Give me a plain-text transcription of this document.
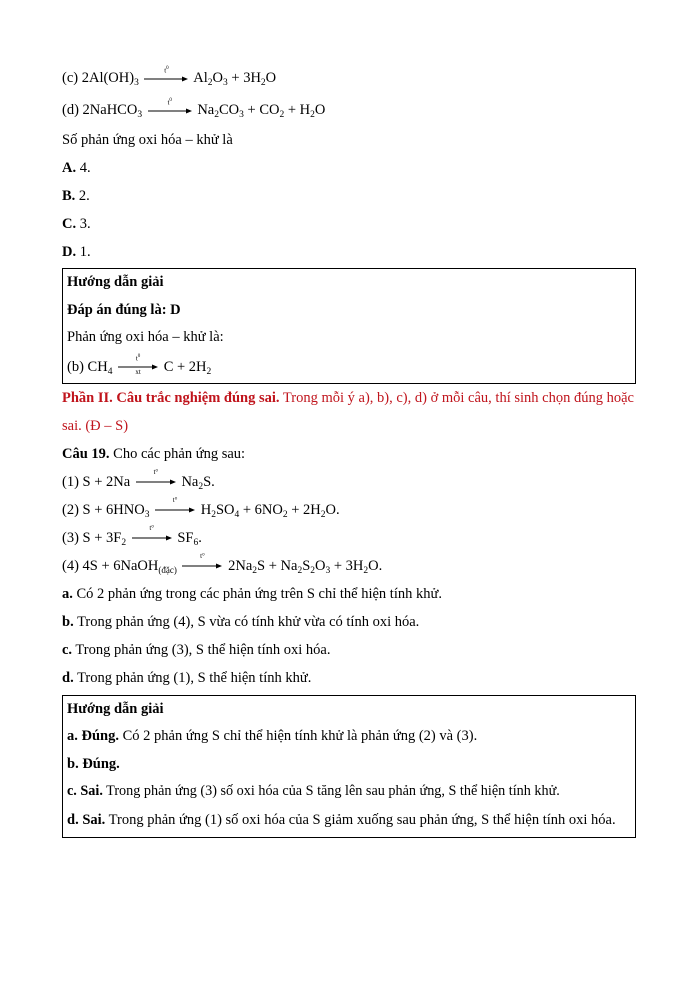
(c) $2Al(OH)_3$
$t^0$
$Al_2O_3 + 3H_2O$
(d) 2NaHCO$_3$
$t^0$
$Na_2CO_3 + CO_2 + H_2O$
Số phản ứng oxi hóa – khử là
A. 4.
B. 2.
C. 3.
D. 1.
Hướng dẫn giải
Đáp án đúng là: D
Phản ứng oxi hóa – khử là:
(b) $CH_4$
$t^0$
xt	$C + 2H_2$
Phần II. Câu trắc nghiệm đúng sai. Trong mỗi ý a), b), c), d) ở mỗi câu, thí sinh chọn đúng hoặc sai. (Đ – S)
Câu 19. Cho các phản ứng sau:
(1) S + 2Na
t°
$Na_2S$.
(2) $S + 6HNO_3$
t°
$H_2SO_4 + 6NO_2 + 2H_2O$.
(3) $S + 3F_2$
t°
$SF_6$.
(4) 4S + 6NaOH$_{(đặc)}$
t°
$2Na_2S + Na_2S_2O_3 + 3H_2O$.
a. Có 2 phản ứng trong các phản ứng trên S chỉ thể hiện tính khử.
b. Trong phản ứng (4), S vừa có tính khử vừa có tính oxi hóa.
c. Trong phản ứng (3), S thể hiện tính oxi hóa.
d. Trong phản ứng (1), S thể hiện tính khử.
Hướng dẫn giải
a. Đúng. Có 2 phản ứng S chỉ thể hiện tính khử là phản ứng (2) và (3).
b. Đúng.
c. Sai. Trong phản ứng (3) số oxi hóa của S tăng lên sau phản ứng, S thể hiện tính khử.
d. Sai. Trong phản ứng (1) số oxi hóa của S giảm xuống sau phản ứng, S thể hiện tính oxi hóa.
